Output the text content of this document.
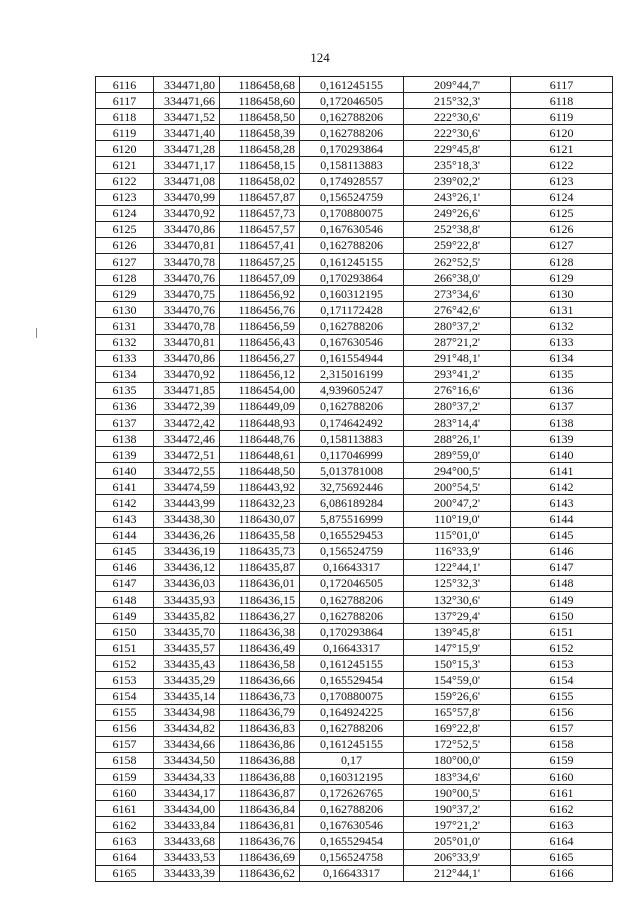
124
6116	334471,80	1186458,68	0,161245155	209°44,7'	6117
6117	334471,66	1186458,60	0,172046505	215°32,3'	6118
6118	334471,52	1186458,50	0,162788206	222°30,6'	6119
6119	334471,40	1186458,39	0,162788206	222°30,6'	6120
6120	334471,28	1186458,28	0,170293864	229°45,8'	6121
6121	334471,17	1186458,15	0,158113883	235°18,3'	6122
6122	334471,08	1186458,02	0,174928557	239°02,2'	6123
6123	334470,99	1186457,87	0,156524759	243°26,1'	6124
6124	334470,92	1186457,73	0,170880075	249°26,6'	6125
6125	334470,86	1186457,57	0,167630546	252°38,8'	6126
6126	334470,81	1186457,41	0,162788206	259°22,8'	6127
6127	334470,78	1186457,25	0,161245155	262°52,5'	6128
6128	334470,76	1186457,09	0,170293864	266°38,0'	6129
6129	334470,75	1186456,92	0,160312195	273°34,6'	6130
6130	334470,76	1186456,76	0,171172428	276°42,6'	6131
6131	334470,78	1186456,59	0,162788206	280°37,2'	6132
6132	334470,81	1186456,43	0,167630546	287°21,2'	6133
6133	334470,86	1186456,27	0,161554944	291°48,1'	6134
6134	334470,92	1186456,12	2,315016199	293°41,2'	6135
6135	334471,85	1186454,00	4,939605247	276°16,6'	6136
6136	334472,39	1186449,09	0,162788206	280°37,2'	6137
6137	334472,42	1186448,93	0,174642492	283°14,4'	6138
6138	334472,46	1186448,76	0,158113883	288°26,1'	6139
6139	334472,51	1186448,61	0,117046999	289°59,0'	6140
6140	334472,55	1186448,50	5,013781008	294°00,5'	6141
6141	334474,59	1186443,92	32,75692446	200°54,5'	6142
6142	334443,99	1186432,23	6,086189284	200°47,2'	6143
6143	334438,30	1186430,07	5,875516999	110°19,0'	6144
6144	334436,26	1186435,58	0,165529453	115°01,0'	6145
6145	334436,19	1186435,73	0,156524759	116°33,9'	6146
6146	334436,12	1186435,87	0,16643317	122°44,1'	6147
6147	334436,03	1186436,01	0,172046505	125°32,3'	6148
6148	334435,93	1186436,15	0,162788206	132°30,6'	6149
6149	334435,82	1186436,27	0,162788206	137°29,4'	6150
6150	334435,70	1186436,38	0,170293864	139°45,8'	6151
6151	334435,57	1186436,49	0,16643317	147°15,9'	6152
6152	334435,43	1186436,58	0,161245155	150°15,3'	6153
6153	334435,29	1186436,66	0,165529454	154°59,0'	6154
6154	334435,14	1186436,73	0,170880075	159°26,6'	6155
6155	334434,98	1186436,79	0,164924225	165°57,8'	6156
6156	334434,82	1186436,83	0,162788206	169°22,8'	6157
6157	334434,66	1186436,86	0,161245155	172°52,5'	6158
6158	334434,50	1186436,88	0,17	180°00,0'	6159
6159	334434,33	1186436,88	0,160312195	183°34,6'	6160
6160	334434,17	1186436,87	0,172626765	190°00,5'	6161
6161	334434,00	1186436,84	0,162788206	190°37,2'	6162
6162	334433,84	1186436,81	0,167630546	197°21,2'	6163
6163	334433,68	1186436,76	0,165529454	205°01,0'	6164
6164	334433,53	1186436,69	0,156524758	206°33,9'	6165
6165	334433,39	1186436,62	0,16643317	212°44,1'	6166
